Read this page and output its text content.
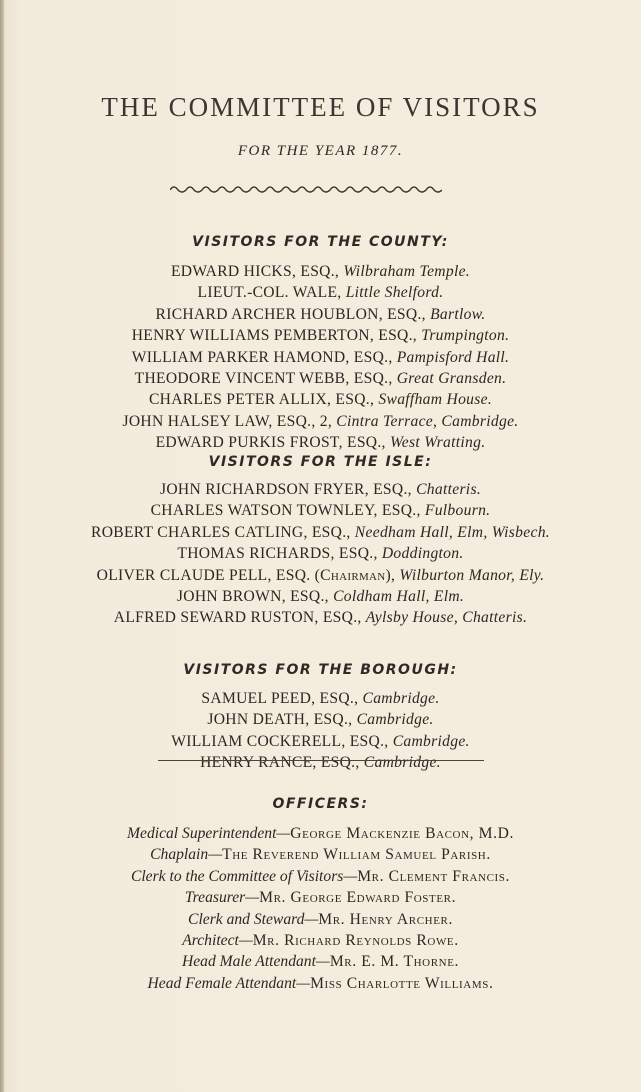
THE COMMITTEE OF VISITORS
FOR THE YEAR 1877.
VISITORS FOR THE COUNTY:
EDWARD HICKS, ESQ., Wilbraham Temple.
LIEUT.-COL. WALE, Little Shelford.
RICHARD ARCHER HOUBLON, ESQ., Bartlow.
HENRY WILLIAMS PEMBERTON, ESQ., Trumpington.
WILLIAM PARKER HAMOND, ESQ., Pampisford Hall.
THEODORE VINCENT WEBB, ESQ., Great Gransden.
CHARLES PETER ALLIX, ESQ., Swaffham House.
JOHN HALSEY LAW, ESQ., 2, Cintra Terrace, Cambridge.
EDWARD PURKIS FROST, ESQ., West Wratting.
VISITORS FOR THE ISLE:
JOHN RICHARDSON FRYER, ESQ., Chatteris.
CHARLES WATSON TOWNLEY, ESQ., Fulbourn.
ROBERT CHARLES CATLING, ESQ., Needham Hall, Elm, Wisbech.
THOMAS RICHARDS, ESQ., Doddington.
OLIVER CLAUDE PELL, ESQ. (Chairman), Wilburton Manor, Ely.
JOHN BROWN, ESQ., Coldham Hall, Elm.
ALFRED SEWARD RUSTON, ESQ., Aylsby House, Chatteris.
VISITORS FOR THE BOROUGH:
SAMUEL PEED, ESQ., Cambridge.
JOHN DEATH, ESQ., Cambridge.
WILLIAM COCKERELL, ESQ., Cambridge.
HENRY RANCE, ESQ., Cambridge.
OFFICERS:
Medical Superintendent—George Mackenzie Bacon, M.D.
Chaplain—The Reverend William Samuel Parish.
Clerk to the Committee of Visitors—Mr. Clement Francis.
Treasurer—Mr. George Edward Foster.
Clerk and Steward—Mr. Henry Archer.
Architect—Mr. Richard Reynolds Rowe.
Head Male Attendant—Mr. E. M. Thorne.
Head Female Attendant—Miss Charlotte Williams.
